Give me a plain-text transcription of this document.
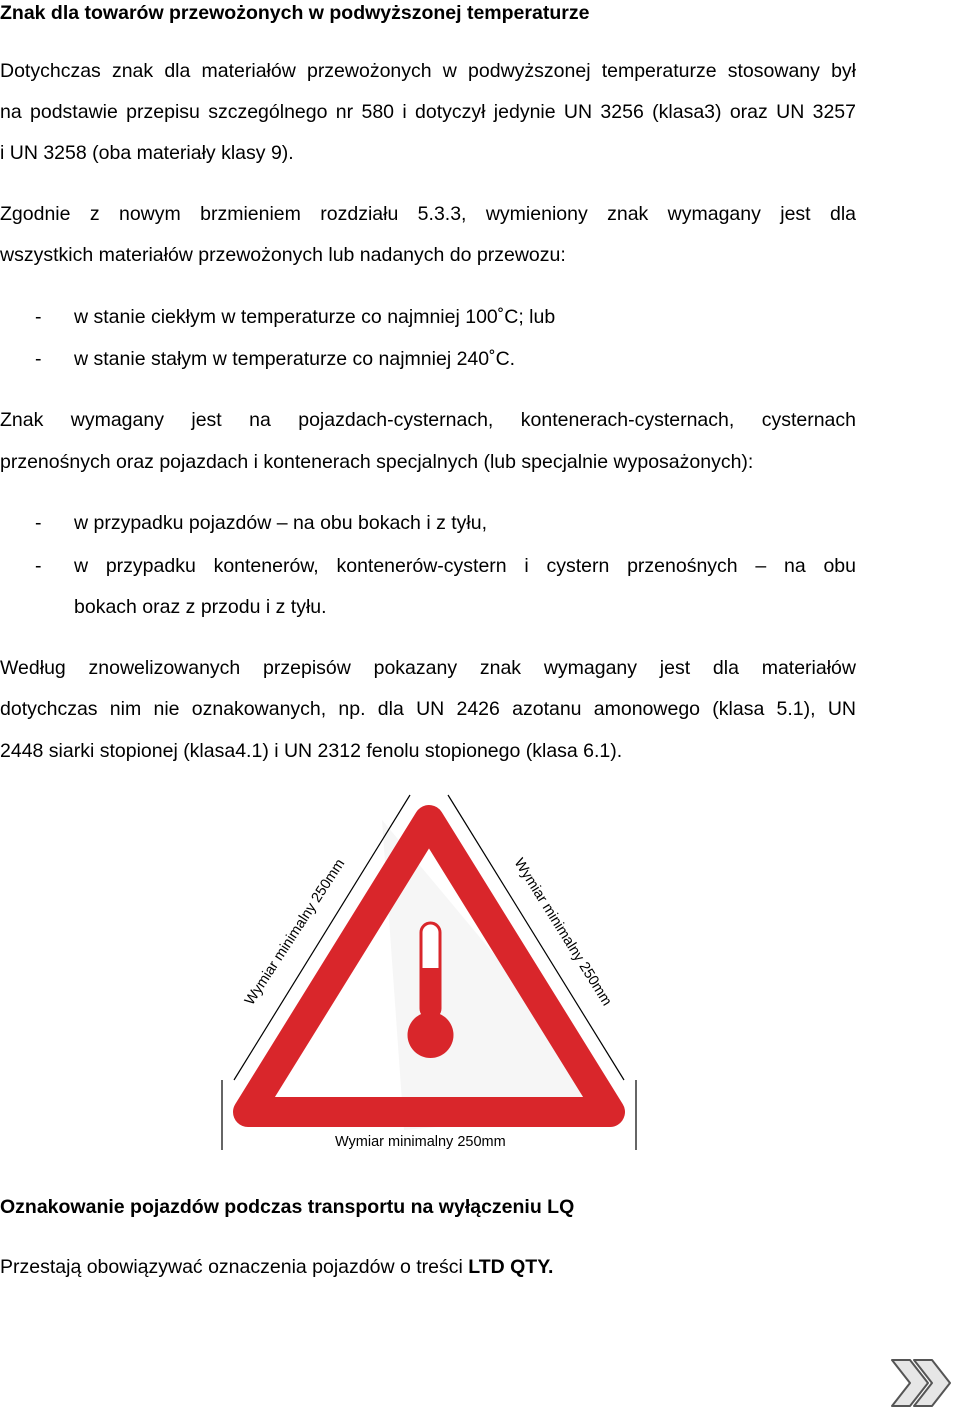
Znak dla towarów przewożonych w podwyższonej temperaturze
Dotychczas znak dla materiałów przewożonych w podwyższonej temperaturze stosowany był
na podstawie przepisu szczególnego nr 580 i dotyczył jedynie UN 3256 (klasa3) oraz UN 3257
i UN 3258 (oba materiały klasy 9).
Zgodnie z nowym brzmieniem rozdziału 5.3.3, wymieniony znak wymagany jest dla
wszystkich materiałów przewożonych lub nadanych do przewozu:
- w stanie ciekłym w temperaturze co najmniej 100˚C; lub
- w stanie stałym w temperaturze co najmniej 240˚C.
Znak wymagany jest na pojazdach-cysternach, kontenerach-cysternach, cysternach
przenośnych oraz pojazdach i kontenerach specjalnych (lub specjalnie wyposażonych):
- w przypadku pojazdów – na obu bokach i z tyłu,
- w przypadku kontenerów, kontenerów-cystern i cystern przenośnych – na obu
bokach oraz z przodu i z tyłu.
Według znowelizowanych przepisów pokazany znak wymagany jest dla materiałów
dotychczas nim nie oznakowanych, np. dla UN 2426 azotanu amonowego (klasa 5.1), UN
2448 siarki stopionej (klasa4.1) i UN 2312 fenolu stopionego (klasa 6.1).
Wymiar minimalny 250mm	Wymiar minimalny 250mm
Wymiar minimalny 250mm
Oznakowanie pojazdów podczas transportu na wyłączeniu LQ
Przestają obowiązywać oznaczenia pojazdów o treści LTD QTY.
